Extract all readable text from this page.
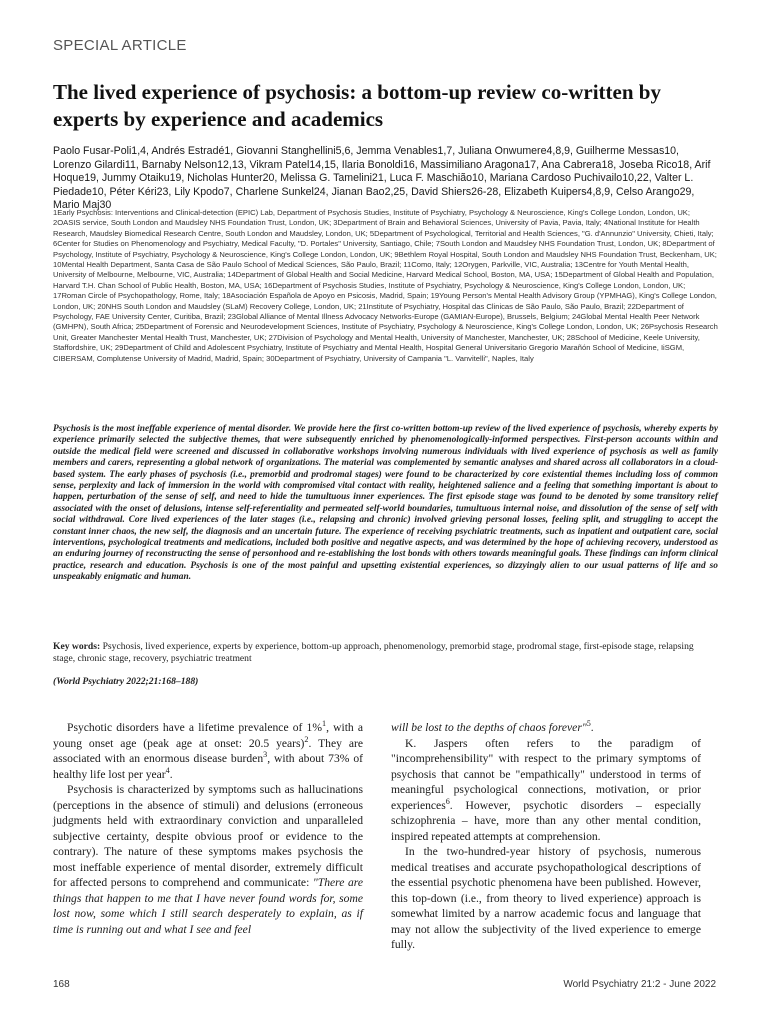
SPECIAL ARTICLE
The lived experience of psychosis: a bottom-up review co-written by experts by experience and academics
Paolo Fusar-Poli1,4, Andrés Estradé1, Giovanni Stanghellini5,6, Jemma Venables1,7, Juliana Onwumere4,8,9, Guilherme Messas10, Lorenzo Gilardi11, Barnaby Nelson12,13, Vikram Patel14,15, Ilaria Bonoldi16, Massimiliano Aragona17, Ana Cabrera18, Joseba Rico18, Arif Hoque19, Jummy Otaiku19, Nicholas Hunter20, Melissa G. Tamelini21, Luca F. Maschião10, Mariana Cardoso Puchivailo10,22, Valter L. Piedade10, Péter Kéri23, Lily Kpodo7, Charlene Sunkel24, Jianan Bao2,25, David Shiers26-28, Elizabeth Kuipers4,8,9, Celso Arango29, Mario Maj30
1Early Psychosis: Interventions and Clinical-detection (EPIC) Lab, Department of Psychosis Studies, Institute of Psychiatry, Psychology & Neuroscience, King's College London, London, UK; 2OASIS service, South London and Maudsley NHS Foundation Trust, London, UK; 3Department of Brain and Behavioral Sciences, University of Pavia, Pavia, Italy; 4National Institute for Health Research, Maudsley Biomedical Research Centre, South London and Maudsley, London, UK; 5Department of Psychological, Territorial and Health Sciences, "G. d'Annunzio" University, Chieti, Italy; 6Center for Studies on Phenomenology and Psychiatry, Medical Faculty, "D. Portales" University, Santiago, Chile; 7South London and Maudsley NHS Foundation Trust, London, UK; 8Department of Psychology, Institute of Psychiatry, Psychology & Neuroscience, King's College London, London, UK; 9Bethlem Royal Hospital, South London and Maudsley NHS Foundation Trust, Beckenham, UK; 10Mental Health Department, Santa Casa de São Paulo School of Medical Sciences, São Paulo, Brazil; 11Como, Italy; 12Orygen, Parkville, VIC, Australia; 13Centre for Youth Mental Health, University of Melbourne, Melbourne, VIC, Australia; 14Department of Global Health and Social Medicine, Harvard Medical School, Boston, MA, USA; 15Department of Global Health and Population, Harvard T.H. Chan School of Public Health, Boston, MA, USA; 16Department of Psychosis Studies, Institute of Psychiatry, Psychology & Neuroscience, King's College London, London, UK; 17Roman Circle of Psychopathology, Rome, Italy; 18Asociación Española de Apoyo en Psicosis, Madrid, Spain; 19Young Person's Mental Health Advisory Group (YPMHAG), King's College London, London, UK; 20NHS South London and Maudsley (SLaM) Recovery College, London, UK; 21Institute of Psychiatry, Hospital das Clinicas de São Paulo, São Paulo, Brazil; 22Department of Psychology, FAE University Center, Curitiba, Brazil; 23Global Alliance of Mental Illness Advocacy Networks-Europe (GAMIAN-Europe), Brussels, Belgium; 24Global Mental Health Peer Network (GMHPN), South Africa; 25Department of Forensic and Neurodevelopment Sciences, Institute of Psychiatry, Psychology & Neuroscience, King's College London, London, UK; 26Psychosis Research Unit, Greater Manchester Mental Health Trust, Manchester, UK; 27Division of Psychology and Mental Health, University of Manchester, Manchester, UK; 28School of Medicine, Keele University, Staffordshire, UK; 29Department of Child and Adolescent Psychiatry, Institute of Psychiatry and Mental Health, Hospital General Universitario Gregorio Marañón School of Medicine, IiSGM, CIBERSAM, Complutense University of Madrid, Madrid, Spain; 30Department of Psychiatry, University of Campania "L. Vanvitelli", Naples, Italy
Psychosis is the most ineffable experience of mental disorder. We provide here the first co-written bottom-up review of the lived experience of psychosis, whereby experts by experience primarily selected the subjective themes, that were subsequently enriched by phenomenologically-informed perspectives. First-person accounts within and outside the medical field were screened and discussed in collaborative workshops involving numerous individuals with lived experience of psychosis as well as family members and carers, representing a global network of organizations. The material was complemented by semantic analyses and shared across all collaborators in a cloud-based system. The early phases of psychosis (i.e., premorbid and prodromal stages) were found to be characterized by core existential themes including loss of common sense, perplexity and lack of immersion in the world with compromised vital contact with reality, heightened salience and a feeling that something important is about to happen, perturbation of the sense of self, and need to hide the tumultuous inner experiences. The first episode stage was found to be denoted by some transitory relief associated with the onset of delusions, intense self-referentiality and permeated self-world boundaries, tumultuous internal noise, and dissolution of the sense of self with social withdrawal. Core lived experiences of the later stages (i.e., relapsing and chronic) involved grieving personal losses, feeling split, and struggling to accept the constant inner chaos, the new self, the diagnosis and an uncertain future. The experience of receiving psychiatric treatments, such as inpatient and outpatient care, social interventions, psychological treatments and medications, included both positive and negative aspects, and was determined by the hope of achieving recovery, understood as an enduring journey of reconstructing the sense of personhood and re-establishing the lost bonds with others towards meaningful goals. These findings can inform clinical practice, research and education. Psychosis is one of the most painful and upsetting existential experiences, so dizzyingly alien to our usual patterns of life and so unspeakably enigmatic and human.
Key words: Psychosis, lived experience, experts by experience, bottom-up approach, phenomenology, premorbid stage, prodromal stage, first-episode stage, relapsing stage, chronic stage, recovery, psychiatric treatment
(World Psychiatry 2022;21:168–188)

Psychotic disorders have a lifetime prevalence of 1%$^1$, with a young onset age (peak age at onset: 20.5 years)$^2$. They are associated with an enormous disease burden$^3$, with about 73% of healthy life lost per year$^4$.

Psychosis is characterized by symptoms such as hallucinations (perceptions in the absence of stimuli) and delusions (erroneous judgments held with extraordinary conviction and unparalleled subjective certainty, despite obvious proof or evidence to the contrary). The nature of these symptoms makes psychosis the most ineffable experience of mental disorder, extremely difficult for affected persons to comprehend and communicate: "There are things that happen to me that I have never found words for, some lost now, some which I still search desperately to explain, as if time is running out and what I see and feel

will be lost to the depths of chaos forever"$^5$.

K. Jaspers often refers to the paradigm of "incomprehensibility" with respect to the primary symptoms of psychosis that cannot be "empathically" understood in terms of meaningful psychological connections, motivation, or prior experiences$^6$. However, psychotic disorders – especially schizophrenia – have, more than any other mental condition, inspired repeated attempts at comprehension.

In the two-hundred-year history of psychosis, numerous medical treatises and accurate psychopathological descriptions of the essential psychotic phenomena have been published. However, this top-down (i.e., from theory to lived experience) approach is somewhat limited by a narrow academic focus and language that may not allow the subjectivity of the lived experience to emerge fully.

168	World Psychiatry 21:2 - June 2022
